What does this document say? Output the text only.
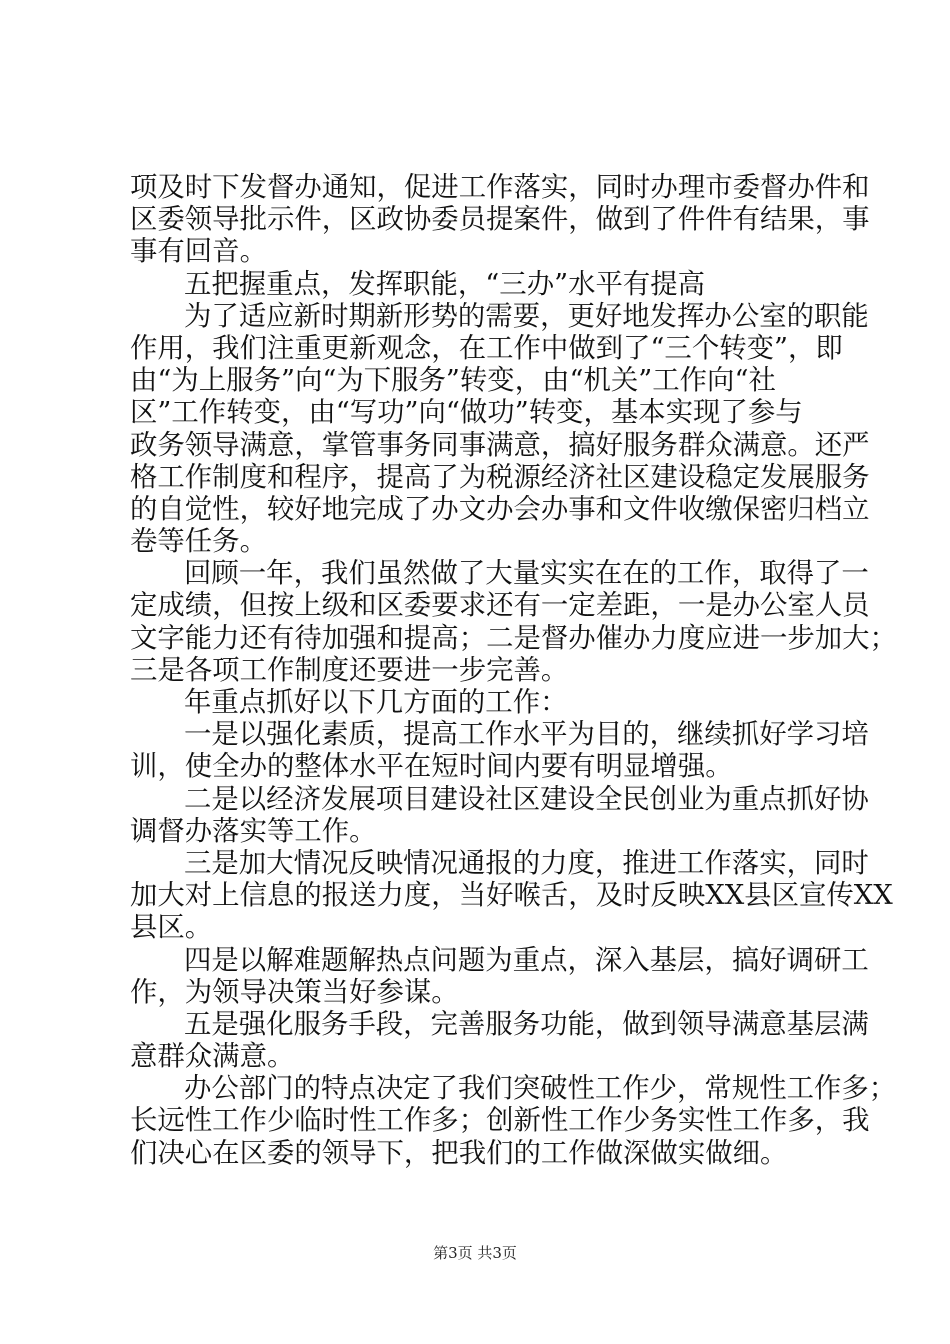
项及时下发督办通知，促进工作落实，同时办理市委督办件和
区委领导批示件，区政协委员提案件，做到了件件有结果，事
事有回音。
五把握重点，发挥职能，“三办”水平有提高
为了适应新时期新形势的需要，更好地发挥办公室的职能
作用，我们注重更新观念，在工作中做到了“三个转变”，即
由“为上服务”向“为下服务”转变，由“机关”工作向“社
区”工作转变，由“写功”向“做功”转变，基本实现了参与
政务领导满意，掌管事务同事满意，搞好服务群众满意。还严
格工作制度和程序，提高了为税源经济社区建设稳定发展服务
的自觉性，较好地完成了办文办会办事和文件收缴保密归档立
卷等任务。
回顾一年，我们虽然做了大量实实在在的工作，取得了一
定成绩，但按上级和区委要求还有一定差距，一是办公室人员
文字能力还有待加强和提高；二是督办催办力度应进一步加大；
三是各项工作制度还要进一步完善。
年重点抓好以下几方面的工作：
一是以强化素质，提高工作水平为目的，继续抓好学习培
训，使全办的整体水平在短时间内要有明显增强。
二是以经济发展项目建设社区建设全民创业为重点抓好协
调督办落实等工作。
三是加大情况反映情况通报的力度，推进工作落实，同时
加大对上信息的报送力度，当好喉舌，及时反映XX县区宣传XX
县区。
四是以解难题解热点问题为重点，深入基层，搞好调研工
作，为领导决策当好参谋。
五是强化服务手段，完善服务功能，做到领导满意基层满
意群众满意。
办公部门的特点决定了我们突破性工作少，常规性工作多；
长远性工作少临时性工作多；创新性工作少务实性工作多，我
们决心在区委的领导下，把我们的工作做深做实做细。
第3页 共3页
